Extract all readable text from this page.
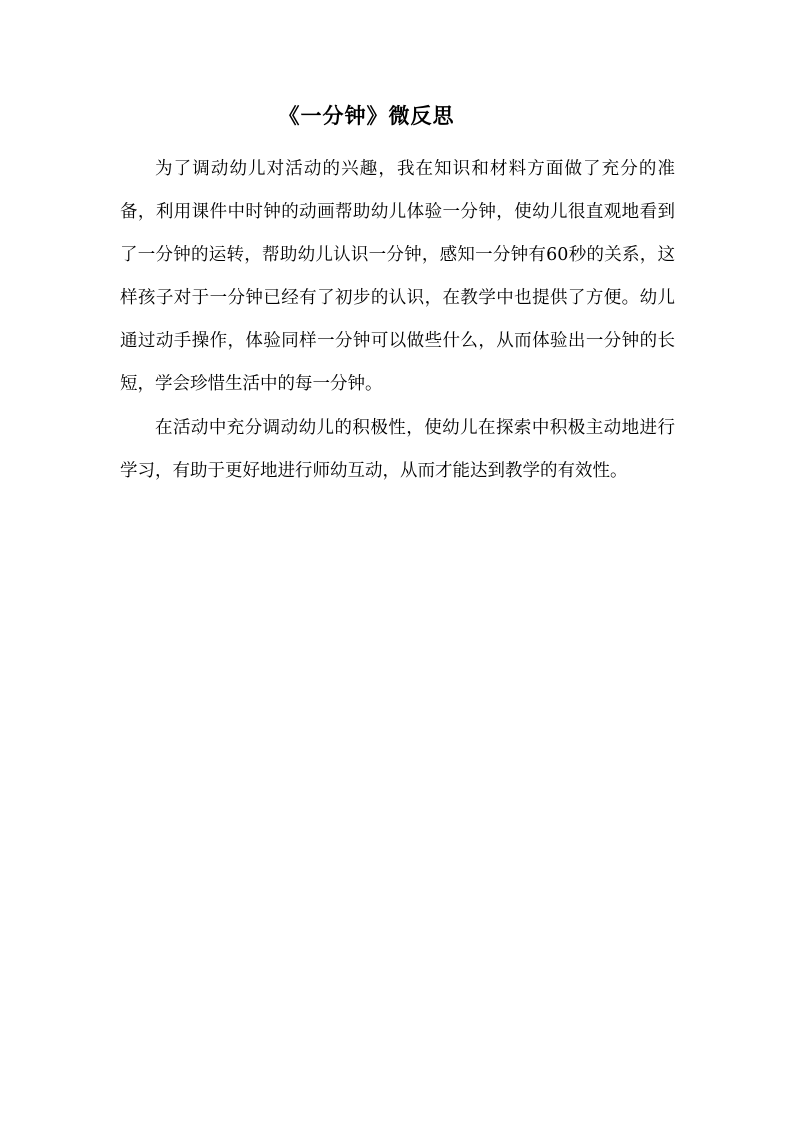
《一分钟》微反思

为了调动幼儿对活动的兴趣，我在知识和材料方面做了充分的准备，利用课件中时钟的动画帮助幼儿体验一分钟，使幼儿很直观地看到了一分钟的运转，帮助幼儿认识一分钟，感知一分钟有60秒的关系，这样孩子对于一分钟已经有了初步的认识，在教学中也提供了方便。幼儿通过动手操作，体验同样一分钟可以做些什么，从而体验出一分钟的长短，学会珍惜生活中的每一分钟。

在活动中充分调动幼儿的积极性，使幼儿在探索中积极主动地进行学习，有助于更好地进行师幼互动，从而才能达到教学的有效性。
